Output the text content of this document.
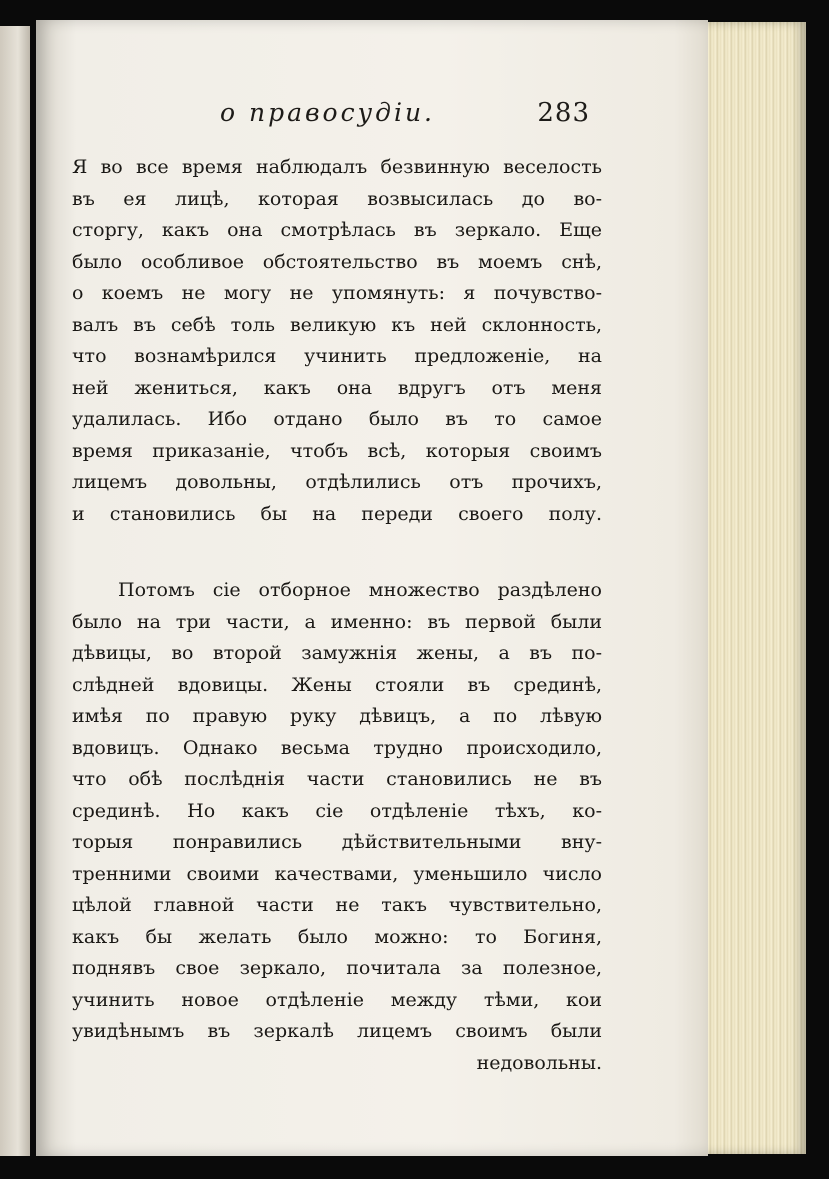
о правосудіи.	283
Я во все время наблюдалъ безвинную веселость
въ ея лицѣ, которая возвысилась до во-
сторгу, какъ она смотрѣлась въ зеркало. Еще
было особливое обстоятельство въ моемъ снѣ,
о коемъ не могу не упомянуть: я почувство-
валъ въ себѣ толь великую къ ней склонность,
что вознамѣрился учинить предложеніе, на
ней жениться, какъ она вдругъ отъ меня
удалилась. Ибо отдано было въ то самое
время приказаніе, чтобъ всѣ, которыя своимъ
лицемъ довольны, отдѣлились отъ прочихъ,
и становились бы на переди своего полу.
Потомъ сіе отборное множество раздѣлено
было на три части, а именно: въ первой были
дѣвицы, во второй замужнія жены, а въ по-
слѣдней вдовицы. Жены стояли въ срединѣ,
имѣя по правую руку дѣвицъ, а по лѣвую
вдовицъ. Однако весьма трудно происходило,
что обѣ послѣднія части становились не въ
срединѣ. Но какъ сіе отдѣленіе тѣхъ, ко-
торыя понравились дѣйствительными вну-
тренними своими качествами, уменьшило число
цѣлой главной части не такъ чувствительно,
какъ бы желать было можно: то Богиня,
поднявъ свое зеркало, почитала за полезное,
учинить новое отдѣленіе между тѣми, кои
увидѣнымъ въ зеркалѣ лицемъ своимъ были
недовольны.
